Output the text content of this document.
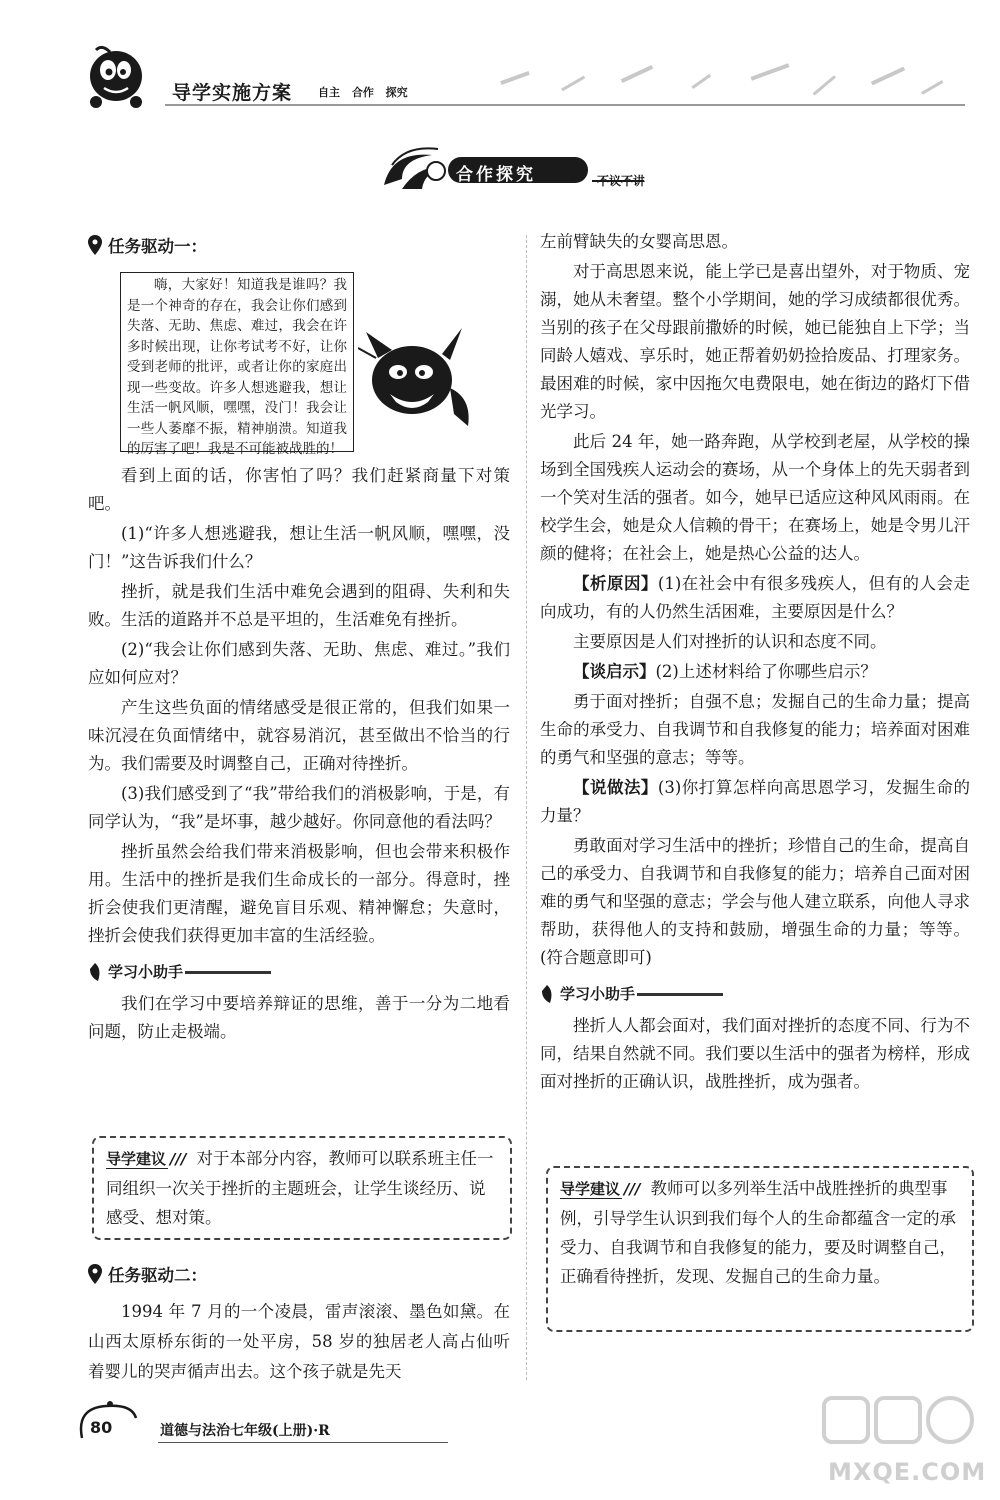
导学实施方案 自主 合作 探究
合作探究	不议不讲
任务驱动一：
嗨，大家好！知道我是谁吗？我是一个神奇的存在，我会让你们感到失落、无助、焦虑、难过，我会在许多时候出现，让你考试考不好，让你受到老师的批评，或者让你的家庭出现一些变故。许多人想逃避我，想让生活一帆风顺，嘿嘿，没门！我会让一些人萎靡不振，精神崩溃。知道我的厉害了吧！我是不可能被战胜的！

看到上面的话，你害怕了吗？我们赶紧商量下对策吧。

(1)“许多人想逃避我，想让生活一帆风顺，嘿嘿，没门！”这告诉我们什么？

挫折，就是我们生活中难免会遇到的阻碍、失利和失败。生活的道路并不总是平坦的，生活难免有挫折。

(2)“我会让你们感到失落、无助、焦虑、难过。”我们应如何应对？

产生这些负面的情绪感受是很正常的，但我们如果一味沉浸在负面情绪中，就容易消沉，甚至做出不恰当的行为。我们需要及时调整自己，正确对待挫折。

(3)我们感受到了“我”带给我们的消极影响，于是，有同学认为，“我”是坏事，越少越好。你同意他的看法吗？

挫折虽然会给我们带来消极影响，但也会带来积极作用。生活中的挫折是我们生命成长的一部分。得意时，挫折会使我们更清醒，避免盲目乐观、精神懈怠；失意时，挫折会使我们获得更加丰富的生活经验。

学习小助手

我们在学习中要培养辩证的思维，善于一分为二地看问题，防止走极端。

导学建议 /// 对于本部分内容，教师可以联系班主任一同组织一次关于挫折的主题班会，让学生谈经历、说感受、想对策。
任务驱动二：

1994 年 7 月的一个凌晨，雷声滚滚、墨色如黛。在山西太原桥东街的一处平房，58 岁的独居老人高占仙听着婴儿的哭声循声出去。这个孩子就是先天

左前臂缺失的女婴高思恩。

对于高思恩来说，能上学已是喜出望外，对于物质、宠溺，她从未奢望。整个小学期间，她的学习成绩都很优秀。当别的孩子在父母跟前撒娇的时候，她已能独自上下学；当同龄人嬉戏、享乐时，她正帮着奶奶捡拾废品、打理家务。最困难的时候，家中因拖欠电费限电，她在街边的路灯下借光学习。

此后 24 年，她一路奔跑，从学校到老屋，从学校的操场到全国残疾人运动会的赛场，从一个身体上的先天弱者到一个笑对生活的强者。如今，她早已适应这种风风雨雨。在校学生会，她是众人信赖的骨干；在赛场上，她是令男儿汗颜的健将；在社会上，她是热心公益的达人。

【析原因】(1)在社会中有很多残疾人，但有的人会走向成功，有的人仍然生活困难，主要原因是什么？

主要原因是人们对挫折的认识和态度不同。

【谈启示】(2)上述材料给了你哪些启示？

勇于面对挫折；自强不息；发掘自己的生命力量；提高生命的承受力、自我调节和自我修复的能力；培养面对困难的勇气和坚强的意志；等等。

【说做法】(3)你打算怎样向高思恩学习，发掘生命的力量？

勇敢面对学习生活中的挫折；珍惜自己的生命，提高自己的承受力、自我调节和自我修复的能力；培养自己面对困难的勇气和坚强的意志；学会与他人建立联系，向他人寻求帮助，获得他人的支持和鼓励，增强生命的力量；等等。(符合题意即可)

学习小助手

挫折人人都会面对，我们面对挫折的态度不同、行为不同，结果自然就不同。我们要以生活中的强者为榜样，形成面对挫折的正确认识，战胜挫折，成为强者。

导学建议 /// 教师可以多列举生活中战胜挫折的典型事例，引导学生认识到我们每个人的生命都蕴含一定的承受力、自我调节和自我修复的能力，要及时调整自己，正确看待挫折，发现、发掘自己的生命力量。
80	道德与法治七年级(上册)·R
MXQE.COM
